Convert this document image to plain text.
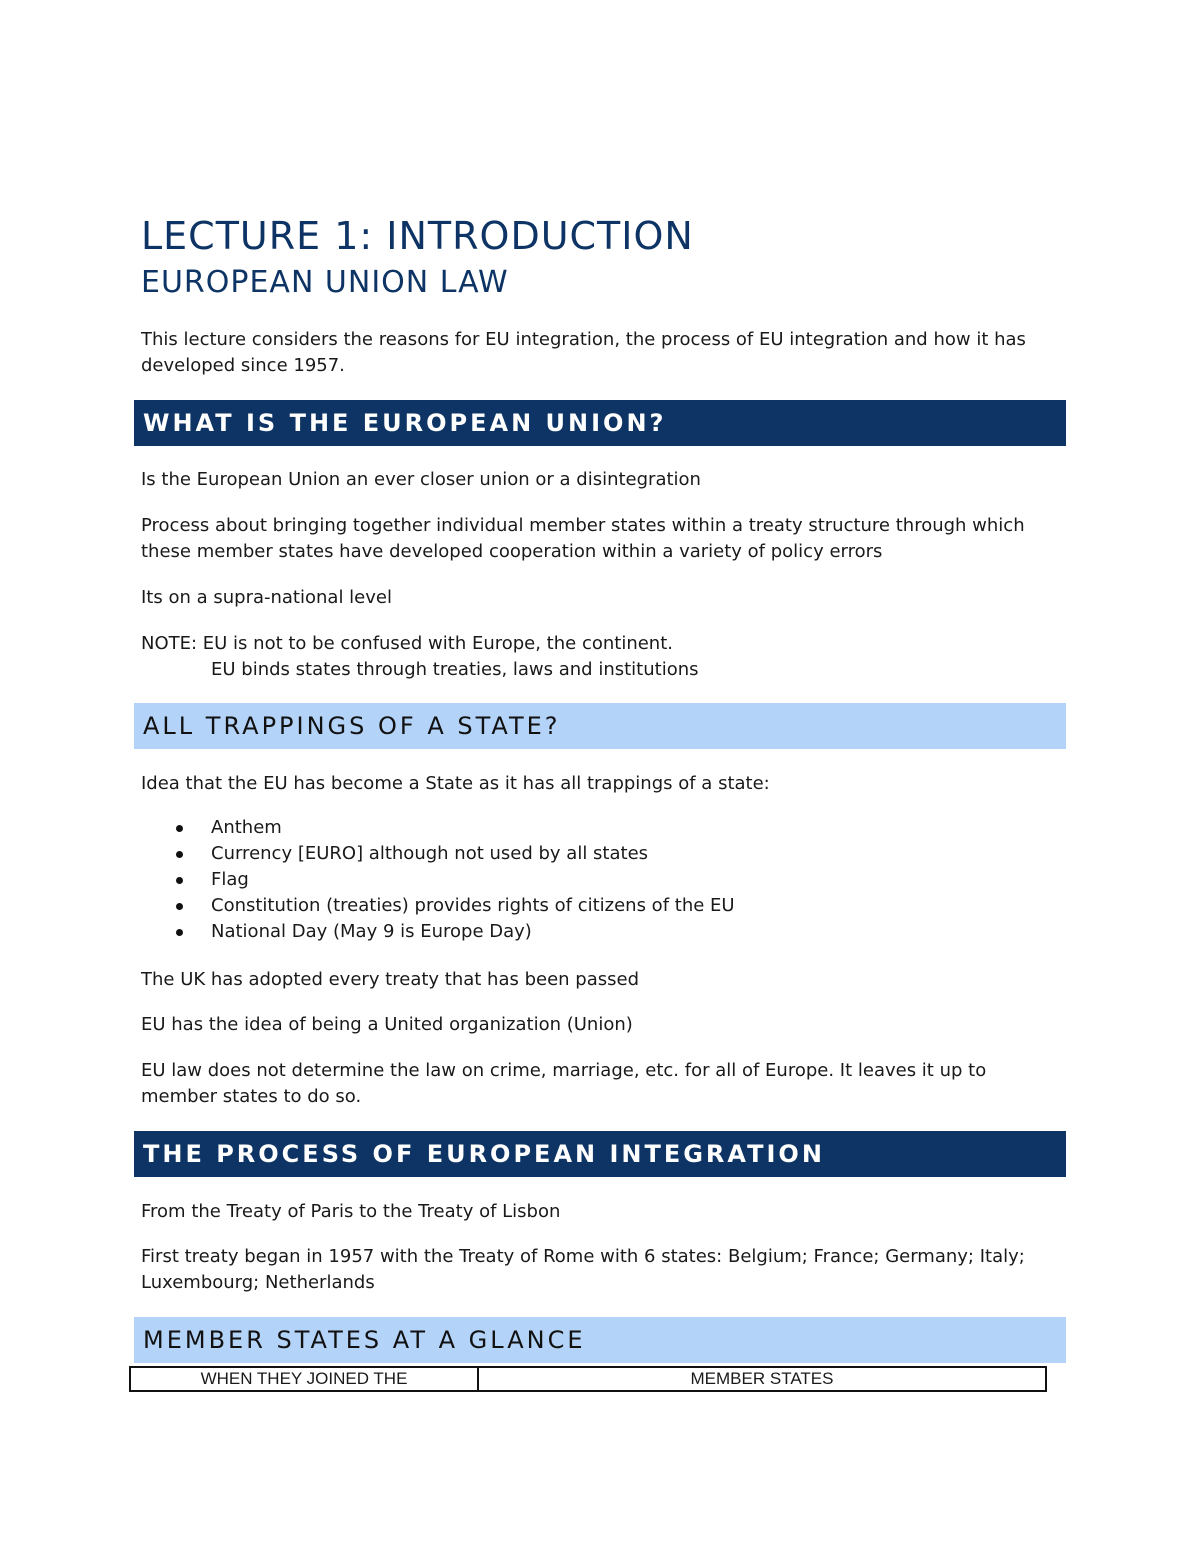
LECTURE 1: INTRODUCTION
EUROPEAN UNION LAW
This lecture considers the reasons for EU integration, the process of EU integration and how it has developed since 1957.
WHAT IS THE EUROPEAN UNION?
Is the European Union an ever closer union or a disintegration
Process about bringing together individual member states within a treaty structure through which these member states have developed cooperation within a variety of policy errors
Its on a supra-national level
NOTE: EU is not to be confused with Europe, the continent.
EU binds states through treaties, laws and institutions
ALL TRAPPINGS OF A STATE?
Idea that the EU has become a State as it has all trappings of a state:
Anthem
Currency [EURO] although not used by all states
Flag
Constitution (treaties) provides rights of citizens of the EU
National Day (May 9 is Europe Day)
The UK has adopted every treaty that has been passed
EU has the idea of being a United organization (Union)
EU law does not determine the law on crime, marriage, etc. for all of Europe. It leaves it up to member states to do so.
THE PROCESS OF EUROPEAN INTEGRATION
From the Treaty of Paris to the Treaty of Lisbon
First treaty began in 1957 with the Treaty of Rome with 6 states: Belgium; France; Germany; Italy; Luxembourg; Netherlands
MEMBER STATES AT A GLANCE
WHEN THEY JOINED THE	MEMBER STATES
